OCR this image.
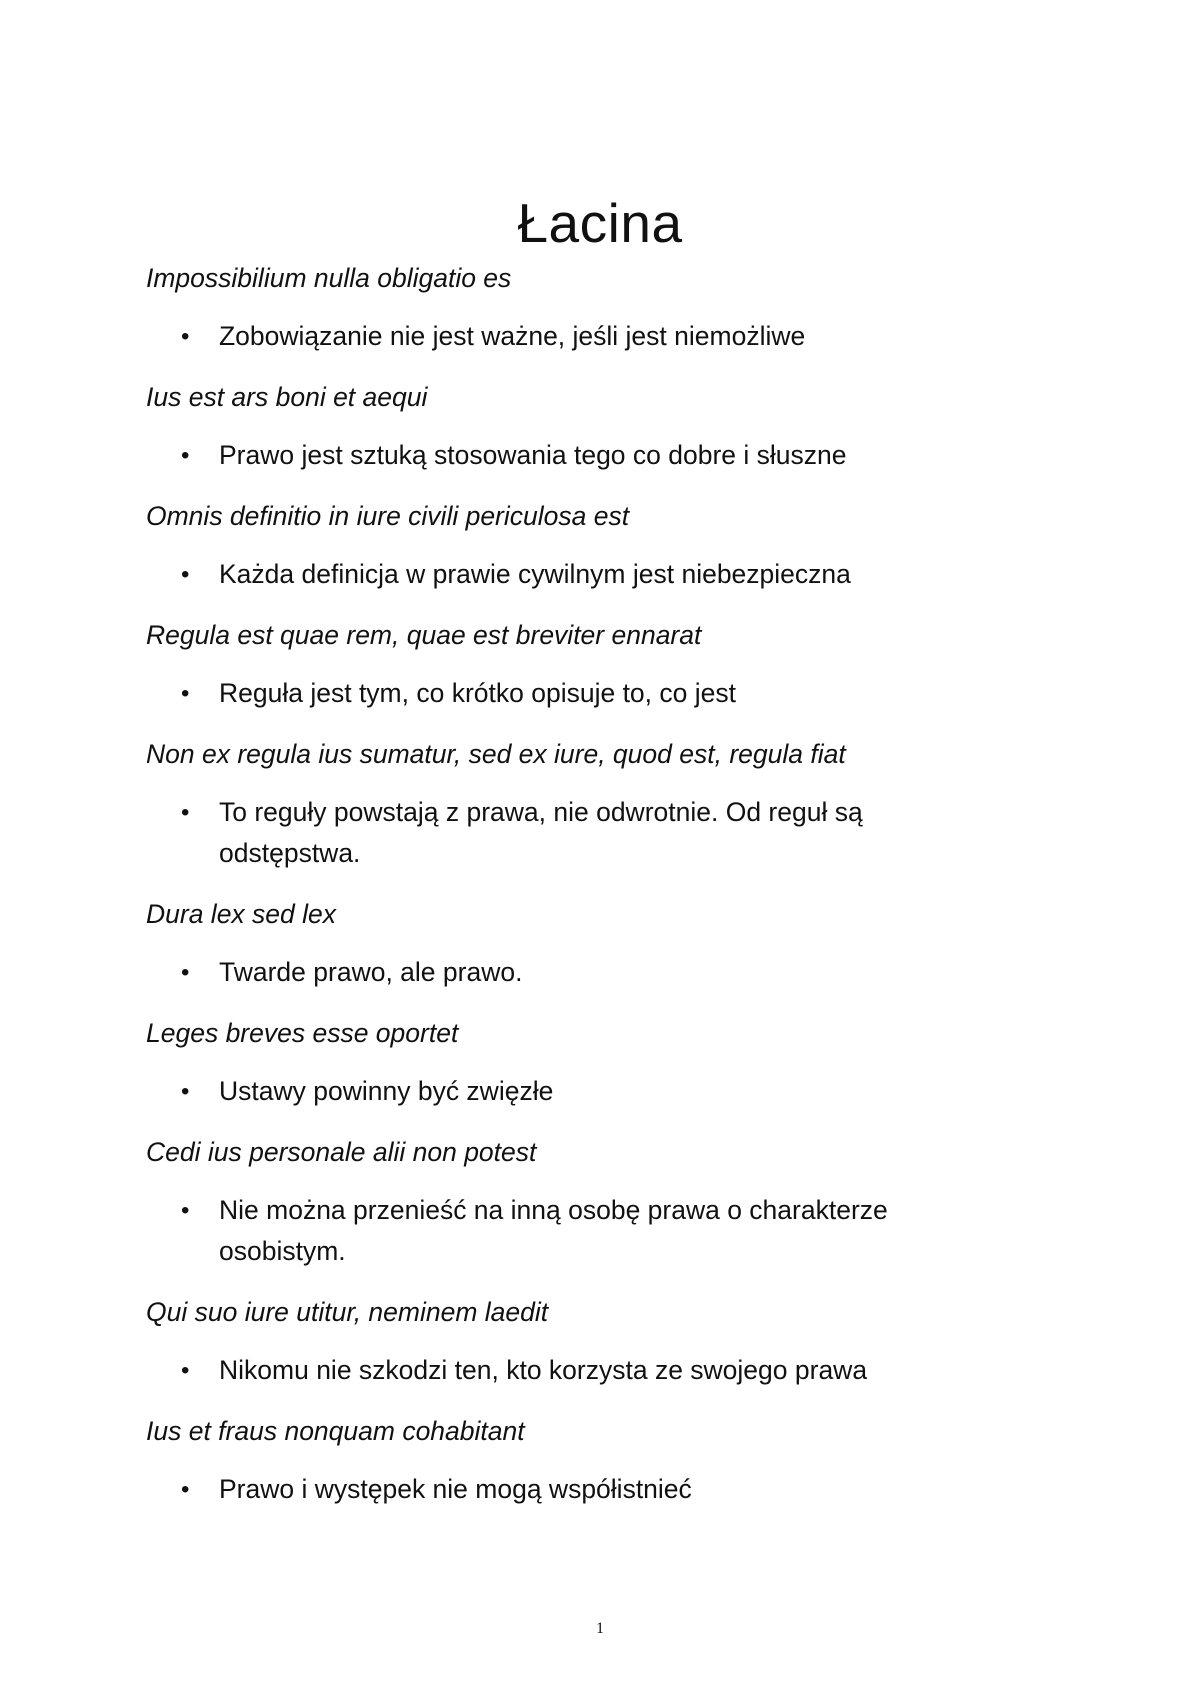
Łacina

Impossibilium nulla obligatio es

• Zobowiązanie nie jest ważne, jeśli jest niemożliwe

Ius est ars boni et aequi

• Prawo jest sztuką stosowania tego co dobre i słuszne

Omnis definitio in iure civili periculosa est

• Każda definicja w prawie cywilnym jest niebezpieczna

Regula est quae rem, quae est breviter ennarat

• Reguła jest tym, co krótko opisuje to, co jest

Non ex regula ius sumatur, sed ex iure, quod est, regula fiat

• To reguły powstają z prawa, nie odwrotnie. Od reguł są odstępstwa.

Dura lex sed lex

• Twarde prawo, ale prawo.

Leges breves esse oportet

• Ustawy powinny być zwięzłe

Cedi ius personale alii non potest

• Nie można przenieść na inną osobę prawa o charakterze osobistym.

Qui suo iure utitur, neminem laedit

• Nikomu nie szkodzi ten, kto korzysta ze swojego prawa

Ius et fraus nonquam cohabitant

• Prawo i występek nie mogą współistnieć
1
